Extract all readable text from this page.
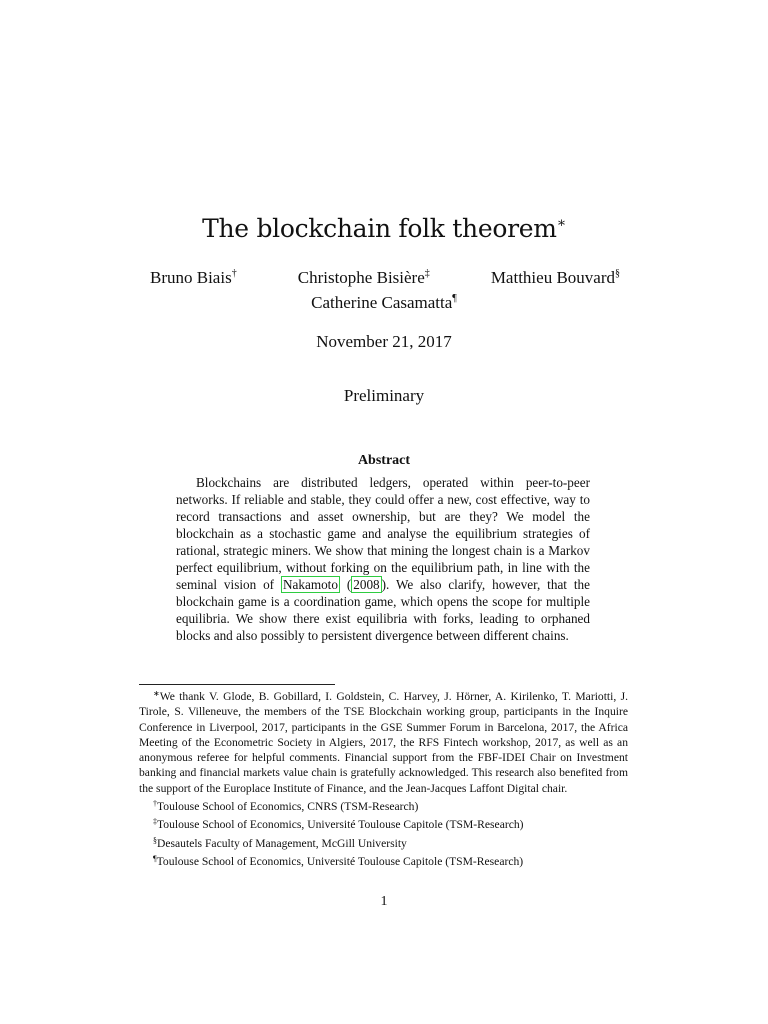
The blockchain folk theorem∗
Bruno Biais†	Christophe Bisière‡	Matthieu Bouvard§
Catherine Casamatta¶
November 21, 2017
Preliminary
Abstract
Blockchains are distributed ledgers, operated within peer-to-peer networks. If reliable and stable, they could offer a new, cost effective, way to record transactions and asset ownership, but are they? We model the blockchain as a stochastic game and analyse the equilibrium strategies of rational, strategic miners. We show that mining the longest chain is a Markov perfect equilibrium, without forking on the equilibrium path, in line with the seminal vision of Nakamoto ( 2008 ). We also clarify, however, that the blockchain game is a coordination game, which opens the scope for multiple equilibria. We show there exist equilibria with forks, leading to orphaned blocks and also possibly to persistent divergence between different chains.

∗We thank V. Glode, B. Gobillard, I. Goldstein, C. Harvey, J. Hörner, A. Kirilenko, T. Mariotti, J. Tirole, S. Villeneuve, the members of the TSE Blockchain working group, participants in the Inquire Conference in Liverpool, 2017, participants in the GSE Summer Forum in Barcelona, 2017, the Africa Meeting of the Econometric Society in Algiers, 2017, the RFS Fintech workshop, 2017, as well as an anonymous referee for helpful comments. Financial support from the FBF-IDEI Chair on Investment banking and financial markets value chain is gratefully acknowledged. This research also benefited from the support of the Europlace Institute of Finance, and the Jean-Jacques Laffont Digital chair.

†Toulouse School of Economics, CNRS (TSM-Research)

‡Toulouse School of Economics, Université Toulouse Capitole (TSM-Research)

§Desautels Faculty of Management, McGill University

¶Toulouse School of Economics, Université Toulouse Capitole (TSM-Research)

1
